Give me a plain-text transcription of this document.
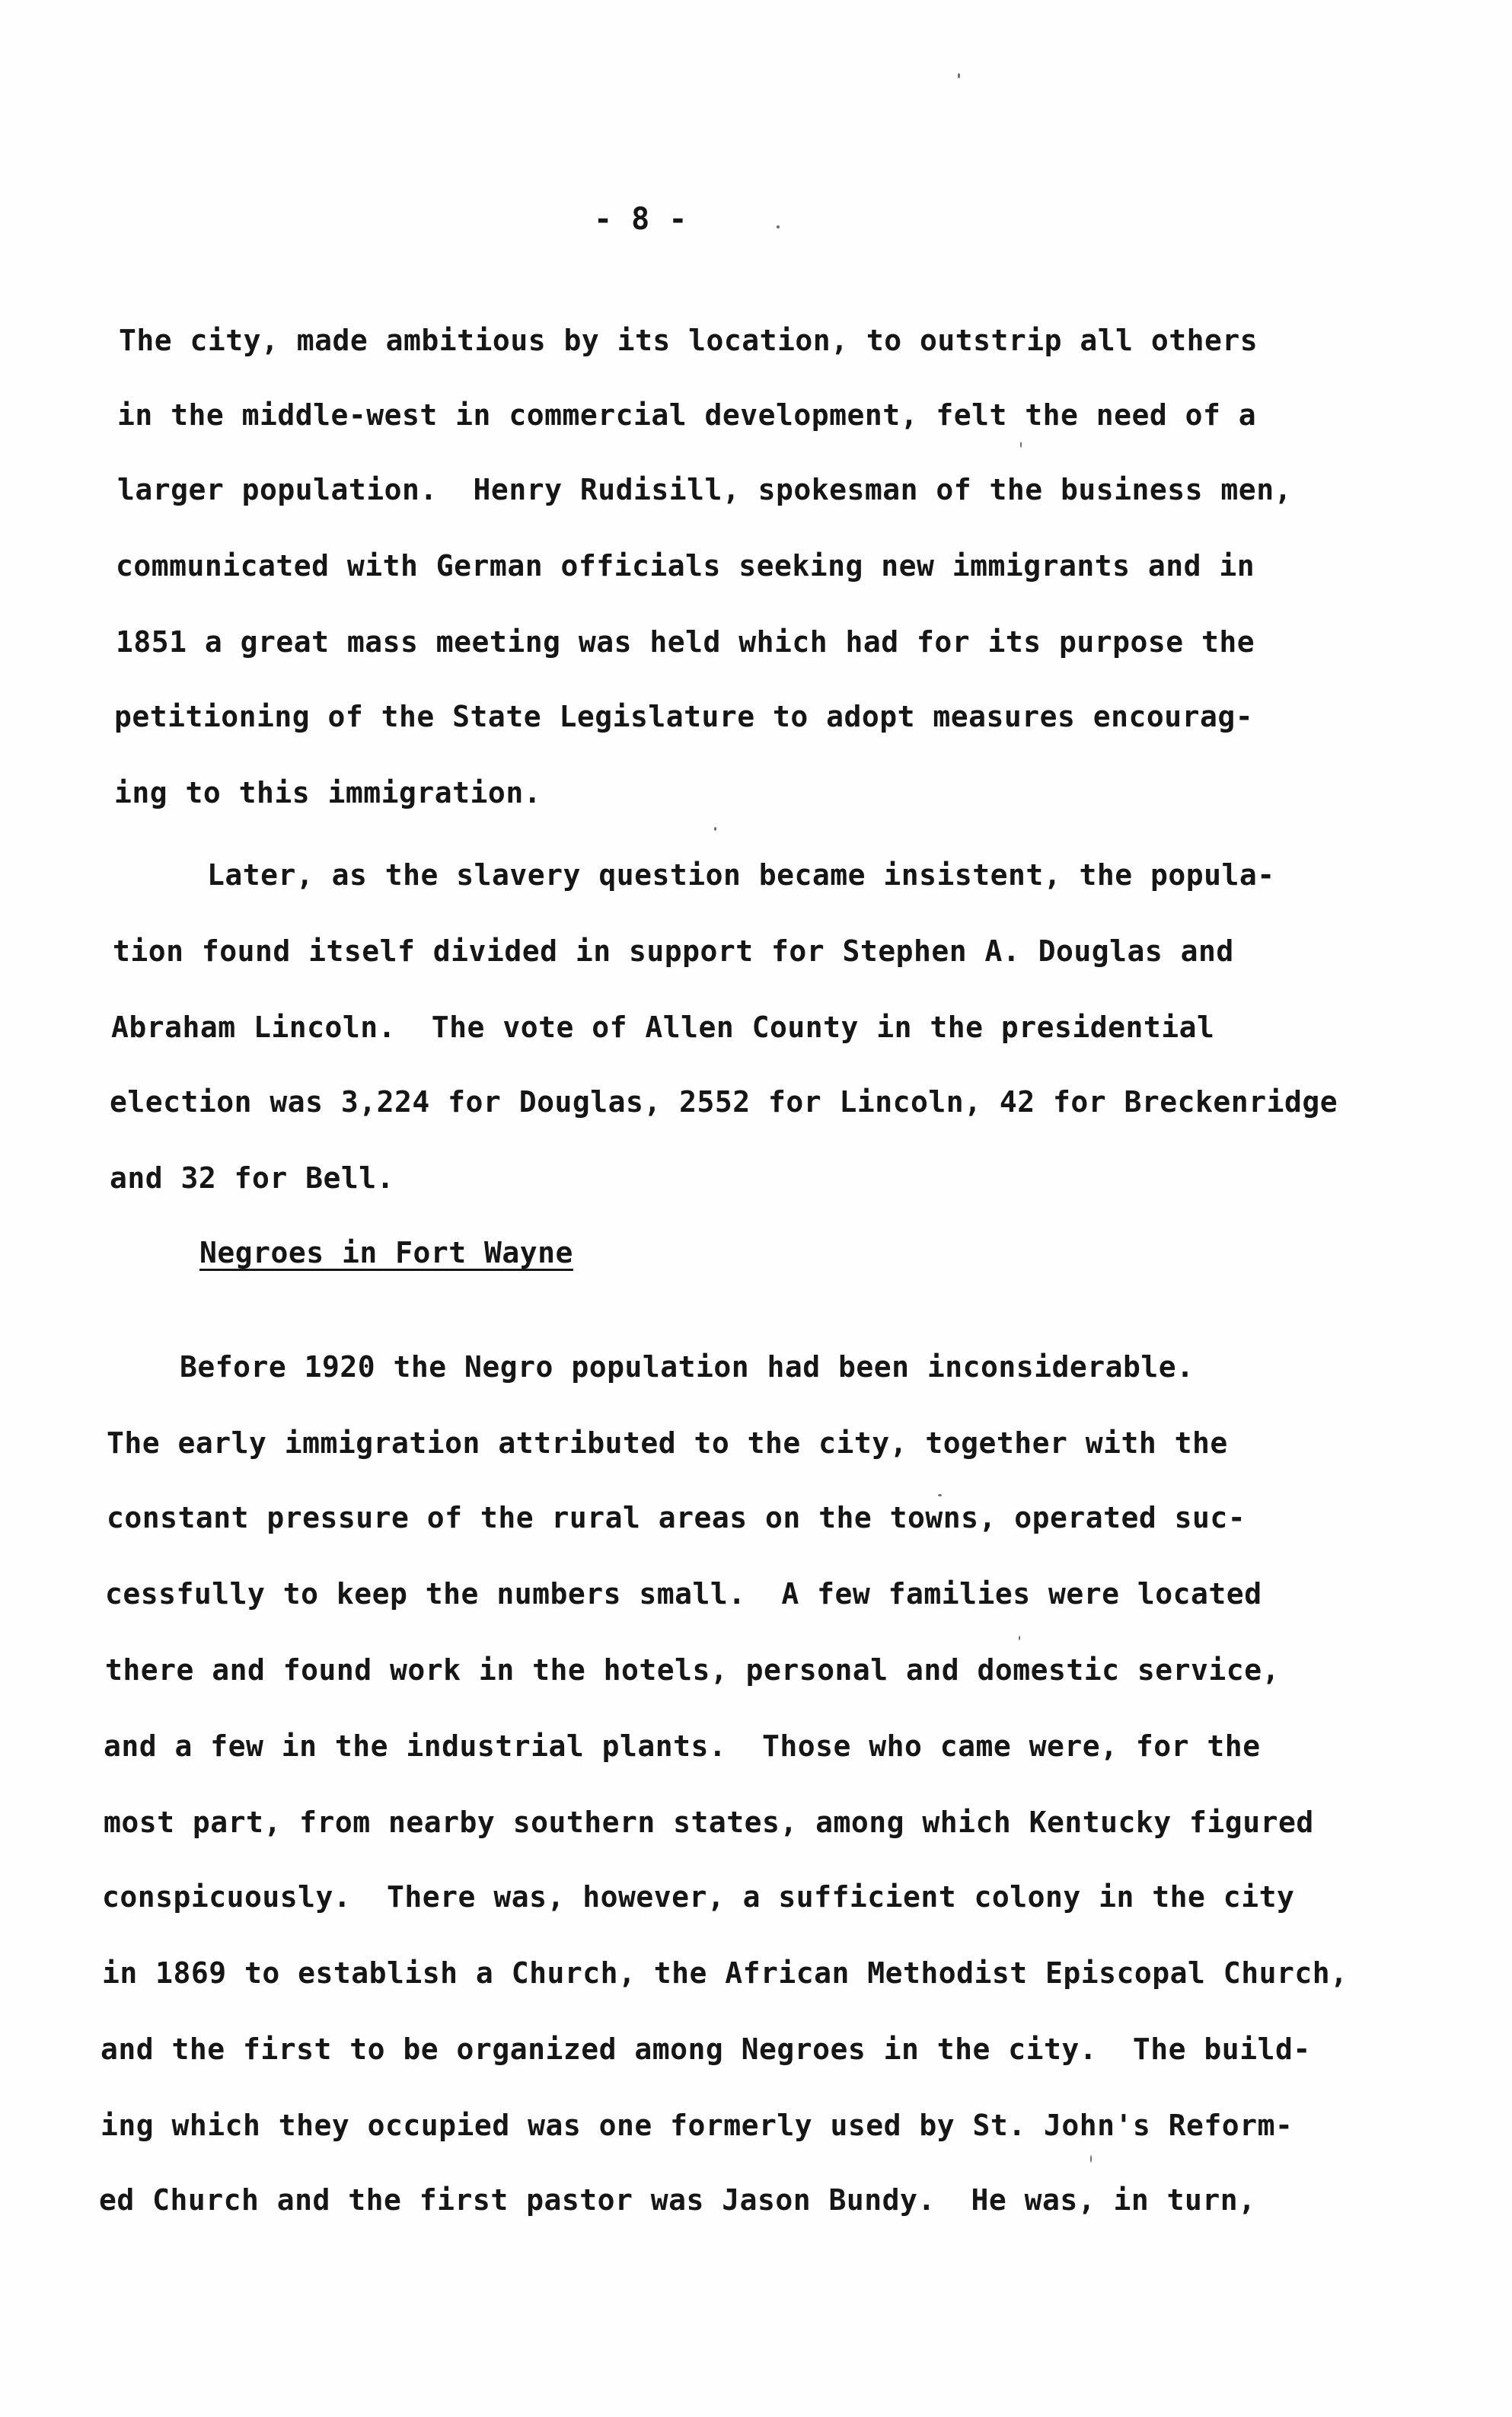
- 8 -
The city, made ambitious by its location, to outstrip all others
in the middle-west in commercial development, felt the need of a
larger population.  Henry Rudisill, spokesman of the business men,
communicated with German officials seeking new immigrants and in
1851 a great mass meeting was held which had for its purpose the
petitioning of the State Legislature to adopt measures encourag-
ing to this immigration.
Later, as the slavery question became insistent, the popula-
tion found itself divided in support for Stephen A. Douglas and
Abraham Lincoln.  The vote of Allen County in the presidential
election was 3,224 for Douglas, 2552 for Lincoln, 42 for Breckenridge
and 32 for Bell.
Negroes in Fort Wayne
Before 1920 the Negro population had been inconsiderable.
The early immigration attributed to the city, together with the
constant pressure of the rural areas on the towns, operated suc-
cessfully to keep the numbers small.  A few families were located
there and found work in the hotels, personal and domestic service,
and a few in the industrial plants.  Those who came were, for the
most part, from nearby southern states, among which Kentucky figured
conspicuously.  There was, however, a sufficient colony in the city
in 1869 to establish a Church, the African Methodist Episcopal Church,
and the first to be organized among Negroes in the city.  The build-
ing which they occupied was one formerly used by St. John's Reform-
ed Church and the first pastor was Jason Bundy.  He was, in turn,
